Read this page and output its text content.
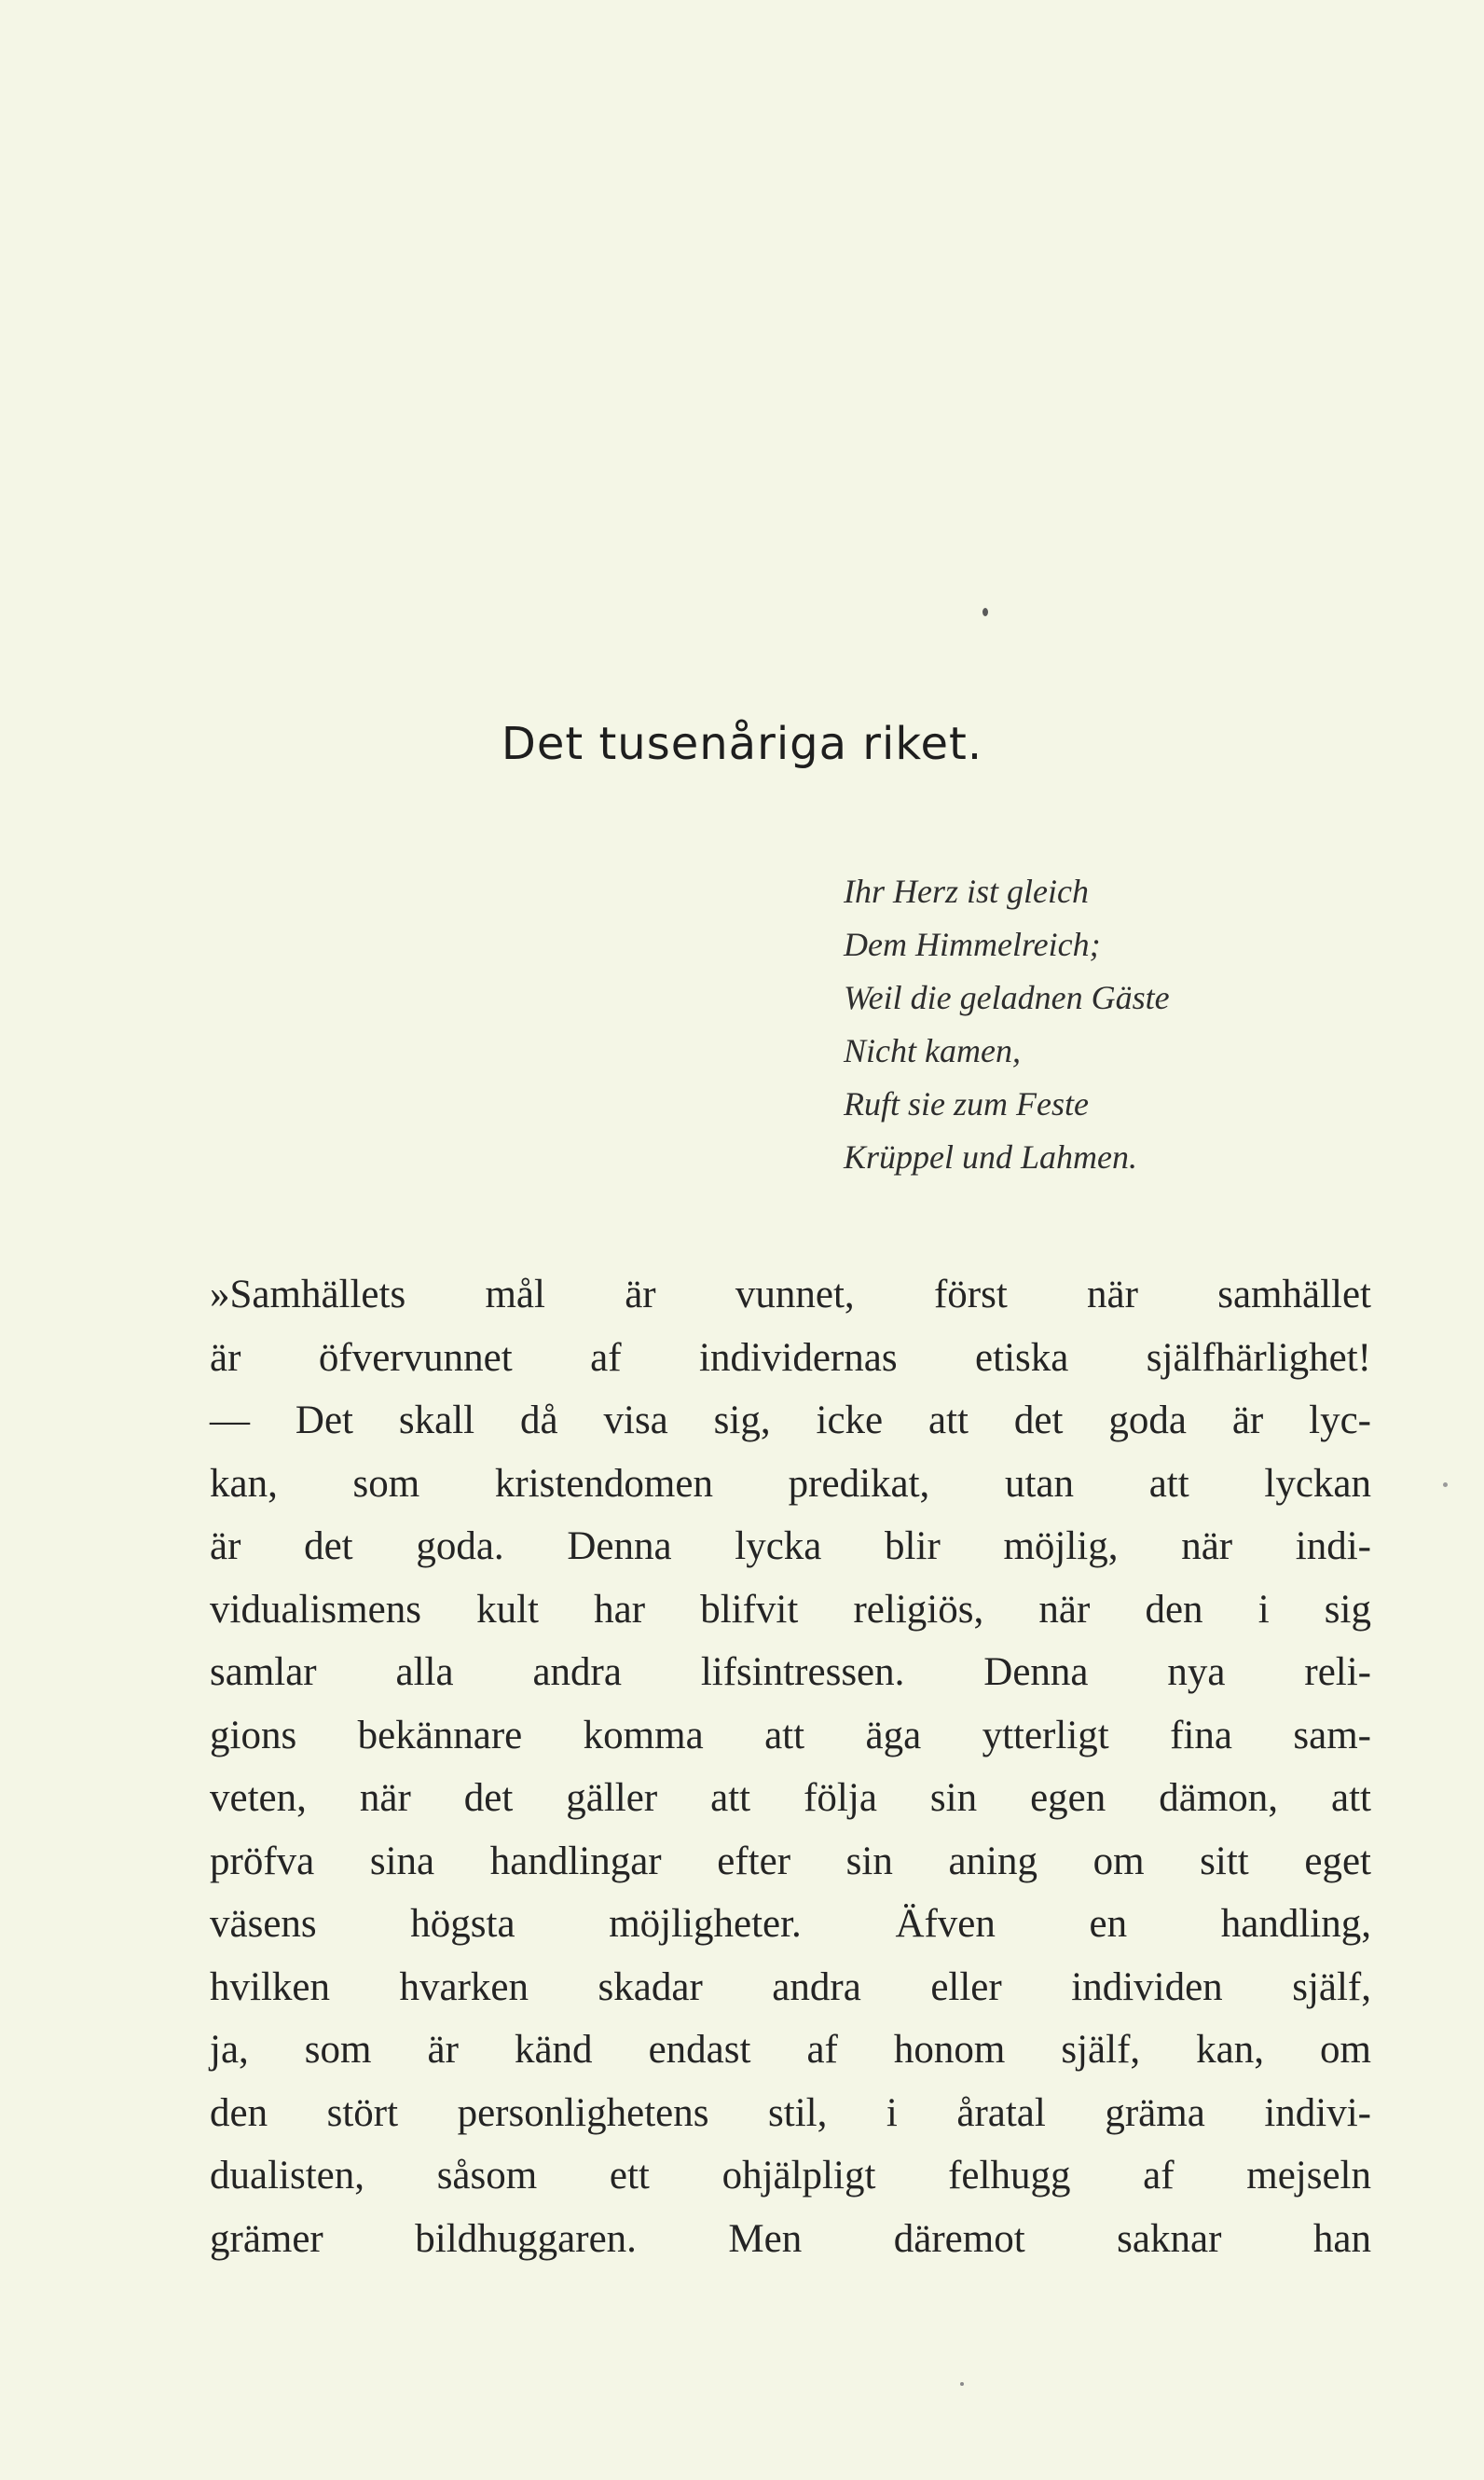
Det tusenåriga riket.
Ihr Herz ist gleich
Dem Himmelreich;
Weil die geladnen Gäste
Nicht kamen,
Ruft sie zum Feste
Krüppel und Lahmen.
»Samhällets mål är vunnet, först när samhället
är öfvervunnet af individernas etiska själfhärlighet!
— Det skall då visa sig, icke att det goda är lyc-
kan, som kristendomen predikat, utan att lyckan
är det goda. Denna lycka blir möjlig, när indi-
vidualismens kult har blifvit religiös, när den i sig
samlar alla andra lifsintressen. Denna nya reli-
gions bekännare komma att äga ytterligt fina sam-
veten, när det gäller att följa sin egen dämon, att
pröfva sina handlingar efter sin aning om sitt eget
väsens högsta möjligheter. Äfven en handling,
hvilken hvarken skadar andra eller individen själf,
ja, som är känd endast af honom själf, kan, om
den stört personlighetens stil, i åratal gräma indivi-
dualisten, såsom ett ohjälpligt felhugg af mejseln
grämer bildhuggaren. Men däremot saknar han
